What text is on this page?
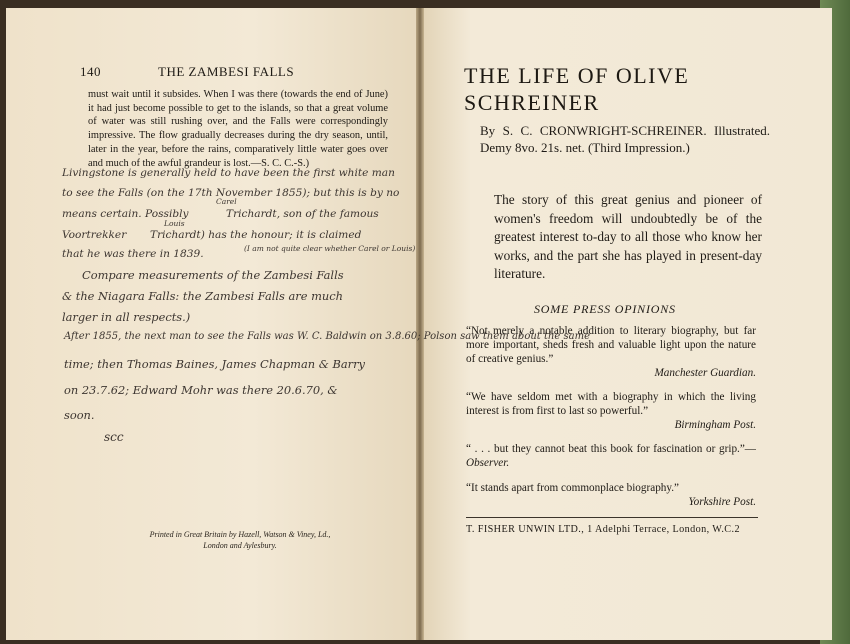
140	THE ZAMBESI FALLS
must wait until it subsides. When I was there (towards the end of June) it had just become possible to get to the islands, so that a great volume of water was still rushing over, and the Falls were correspondingly impressive. The flow gradually decreases during the dry season, until, later in the year, before the rains, comparatively little water goes over and much of the awful grandeur is lost.—S. C. C.-S.)
Livingstone is generally held to have been the first white man
to see the Falls (on the 17th November 1855); but this is by no
means certain. Possibly
Carel
Trichardt, son of the famous
Voortrekker
Louis
Trichardt) has the honour; it is claimed
that he was there in 1839.	(I am not quite clear whether Carel or Louis)
Compare measurements of the Zambesi Falls
& the Niagara Falls: the Zambesi Falls are much
larger in all respects.)
After 1855, the next man to see the Falls was W. C. Baldwin on 3.8.60; Polson saw them about the same
time; then Thomas Baines, James Chapman & Barry
on 23.7.62; Edward Mohr was there 20.6.70, &
soon.
scc
Printed in Great Britain by Hazell, Watson & Viney, Ld.,
London and Aylesbury.
THE LIFE OF OLIVE
SCHREINER
By S. C. CRONWRIGHT-SCHREINER. Illustrated. Demy 8vo. 21s. net. (Third Impression.)
The story of this great genius and pioneer of women's freedom will undoubtedly be of the greatest interest to-day to all those who know her works, and the part she has played in present-day literature.
SOME PRESS OPINIONS
“Not merely a notable addition to literary biography, but far more important, sheds fresh and valuable light upon the nature of creative genius.”
Manchester Guardian.
“We have seldom met with a biography in which the living interest is from first to last so powerful.”
Birmingham Post.
“ . . . but they cannot beat this book for fascination or grip.”—Observer.
“It stands apart from commonplace biography.”
Yorkshire Post.
T. FISHER UNWIN LTD., 1 Adelphi Terrace, London, W.C.2
